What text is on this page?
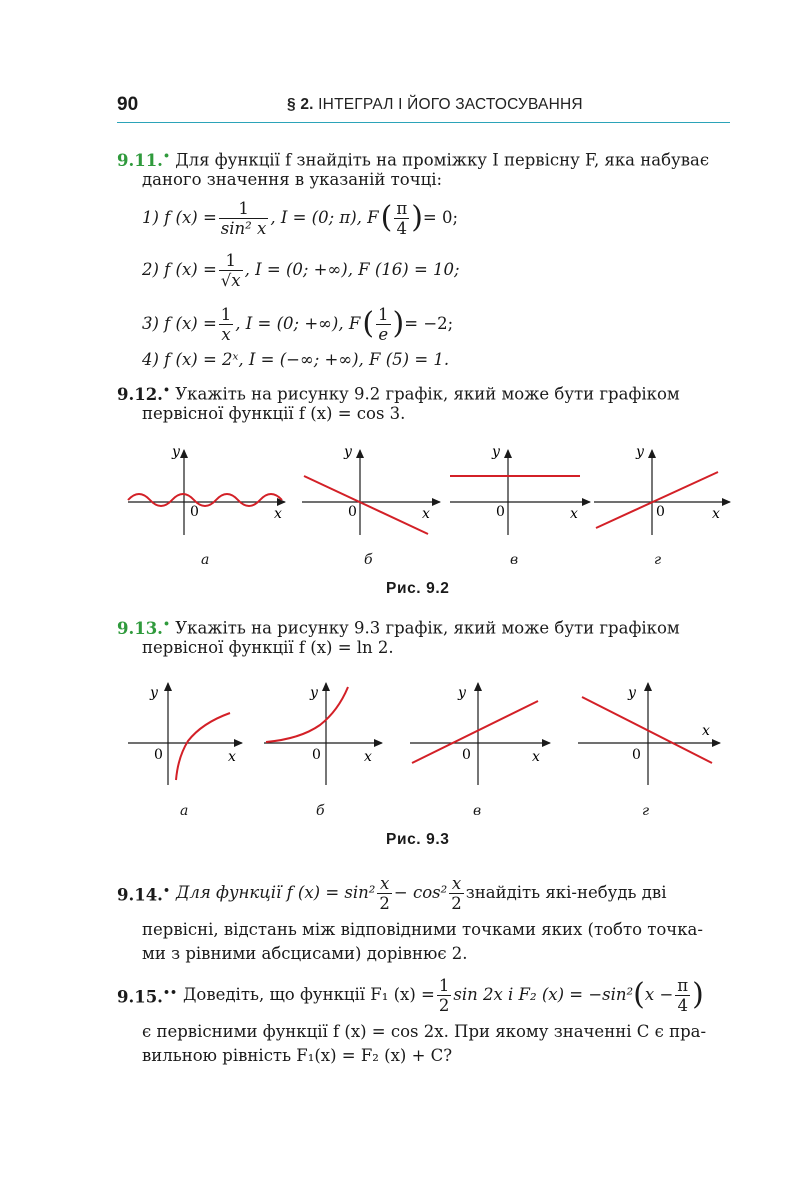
90	§ 2. ІНТЕГРАЛ І ЙОГО ЗАСТОСУВАННЯ
9.11.• Для функції f знайдіть на проміжку I первісну F, яка набуває
даного значення в указаній точці:
1) f $(x) = \frac{1}{\text{sin² x}}$ , I = (0; π), F ( $\frac{\pi}{4}$ ) = 0;
2) f $(x) = \frac{1}{√x}$ , I = (0; +∞), F (16) = 10;
3) f $(x) = \frac{1}{x}$ , I = (0; +∞), F ( $\frac{1}{e}$ ) = −2;
4) f (x) = 2ˣ, I = (−∞; +∞), F (5) = 1.
9.12.• Укажіть на рисунку 9.2 графік, який може бути графіком
первісної функції f (x) = cos 3.
y
0	x
y
0	x
y
0	x
y
0	x
а	б	в	г
Рис. 9.2
9.13.• Укажіть на рисунку 9.3 графік, який може бути графіком
первісної функції f (x) = ln 2.
y
0	x
y
0	x
y
0	x
y
0
x
а	б	в	г
Рис. 9.3
9.14.• Для функції f $(x) = \sin^2 \frac{x}{2} - \cos^2 \frac{x}{2}$ знайдіть які-небудь дві
первісні, відстань між відповідними точками яких (тобто точка-
ми з рівними абсцисами) дорівнює 2.
9.15.•• Доведіть, що функції F₁ $(x) = \frac{1}{2}$ sin 2x і F₂ (x) = −sin² ( $x - \frac{\pi}{4}$ )
є первісними функції f (x) = cos 2x. При якому значенні C є пра-
вильною рівність F₁(x) = F₂ (x) + C?
